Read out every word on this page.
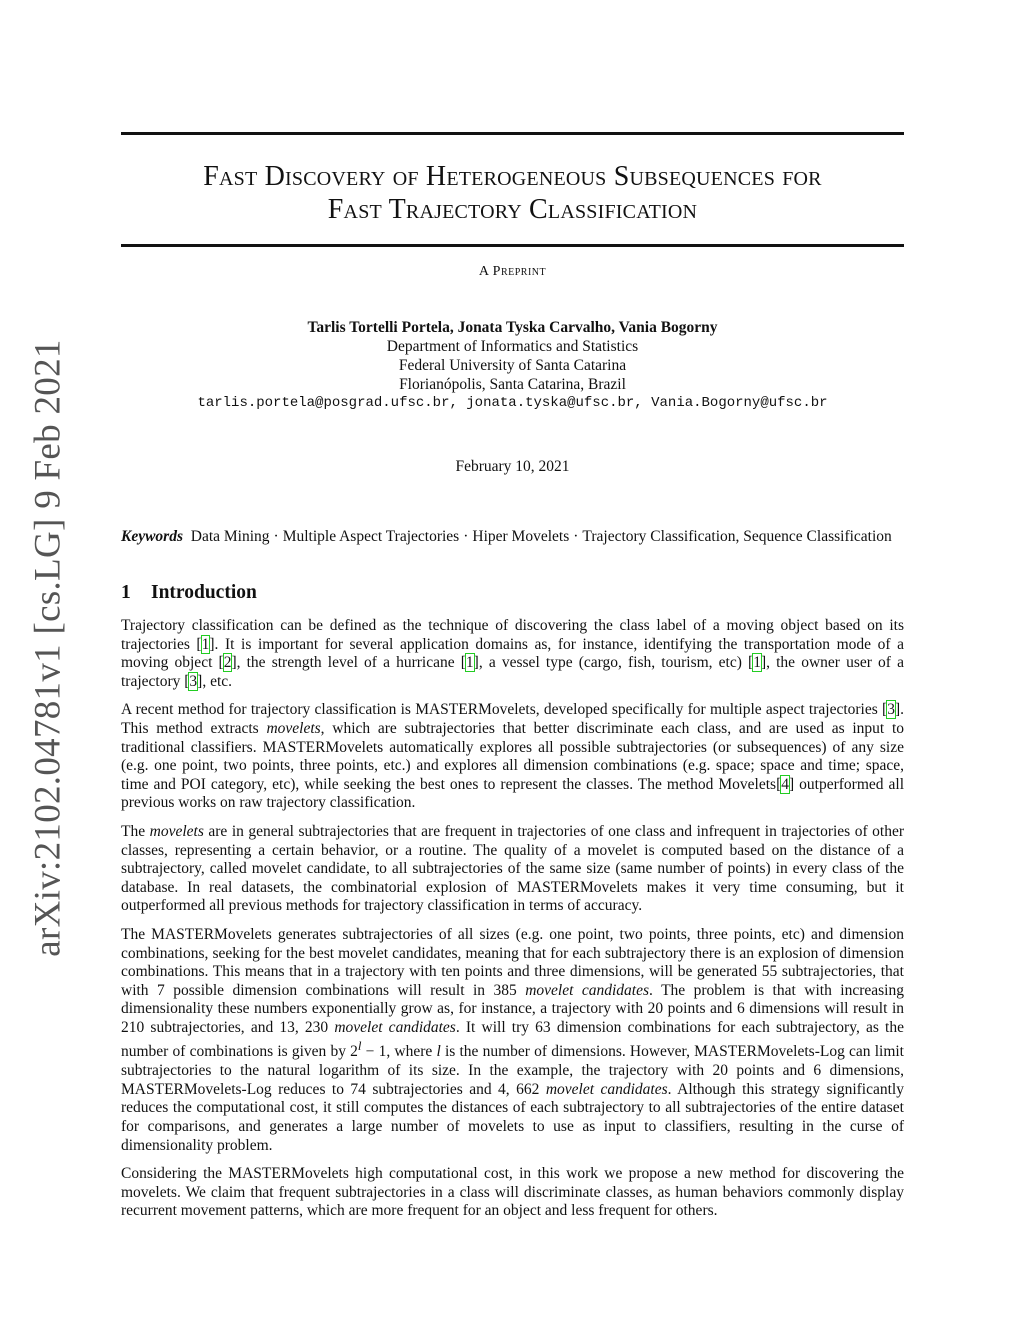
arXiv:2102.04781v1 [cs.LG] 9 Feb 2021
Fast Discovery of Heterogeneous Subsequences for
Fast Trajectory Classification
A Preprint
Tarlis Tortelli Portela, Jonata Tyska Carvalho, Vania Bogorny
Department of Informatics and Statistics
Federal University of Santa Catarina
Florianópolis, Santa Catarina, Brazil
tarlis.portela@posgrad.ufsc.br, jonata.tyska@ufsc.br, Vania.Bogorny@ufsc.br
February 10, 2021
Keywords Data Mining · Multiple Aspect Trajectories · Hiper Movelets · Trajectory Classification, Sequence Classification
1 Introduction

Trajectory classification can be defined as the technique of discovering the class label of a moving object based on its trajectories [1]. It is important for several application domains as, for instance, identifying the transportation mode of a moving object [2], the strength level of a hurricane [1], a vessel type (cargo, fish, tourism, etc) [1], the owner user of a trajectory [3], etc.

A recent method for trajectory classification is MASTERMovelets, developed specifically for multiple aspect trajectories [3]. This method extracts movelets, which are subtrajectories that better discriminate each class, and are used as input to traditional classifiers. MASTERMovelets automatically explores all possible subtrajectories (or subsequences) of any size (e.g. one point, two points, three points, etc.) and explores all dimension combinations (e.g. space; space and time; space, time and POI category, etc), while seeking the best ones to represent the classes. The method Movelets[4] outperformed all previous works on raw trajectory classification.

The movelets are in general subtrajectories that are frequent in trajectories of one class and infrequent in trajectories of other classes, representing a certain behavior, or a routine. The quality of a movelet is computed based on the distance of a subtrajectory, called movelet candidate, to all subtrajectories of the same size (same number of points) in every class of the database. In real datasets, the combinatorial explosion of MASTERMovelets makes it very time consuming, but it outperformed all previous methods for trajectory classification in terms of accuracy.

The MASTERMovelets generates subtrajectories of all sizes (e.g. one point, two points, three points, etc) and dimension combinations, seeking for the best movelet candidates, meaning that for each subtrajectory there is an explosion of dimension combinations. This means that in a trajectory with ten points and three dimensions, will be generated 55 subtrajectories, that with 7 possible dimension combinations will result in 385 movelet candidates. The problem is that with increasing dimensionality these numbers exponentially grow as, for instance, a trajectory with 20 points and 6 dimensions will result in 210 subtrajectories, and 13, 230 movelet candidates. It will try 63 dimension combinations for each subtrajectory, as the number of combinations is given by $2^l - 1$, where l is the number of dimensions. However, MASTERMovelets-Log can limit subtrajectories to the natural logarithm of its size. In the example, the trajectory with 20 points and 6 dimensions, MASTERMovelets-Log reduces to 74 subtrajectories and 4, 662 movelet candidates. Although this strategy significantly reduces the computational cost, it still computes the distances of each subtrajectory to all subtrajectories of the entire dataset for comparisons, and generates a large number of movelets to use as input to classifiers, resulting in the curse of dimensionality problem.

Considering the MASTERMovelets high computational cost, in this work we propose a new method for discovering the movelets. We claim that frequent subtrajectories in a class will discriminate classes, as human behaviors commonly display recurrent movement patterns, which are more frequent for an object and less frequent for others.
